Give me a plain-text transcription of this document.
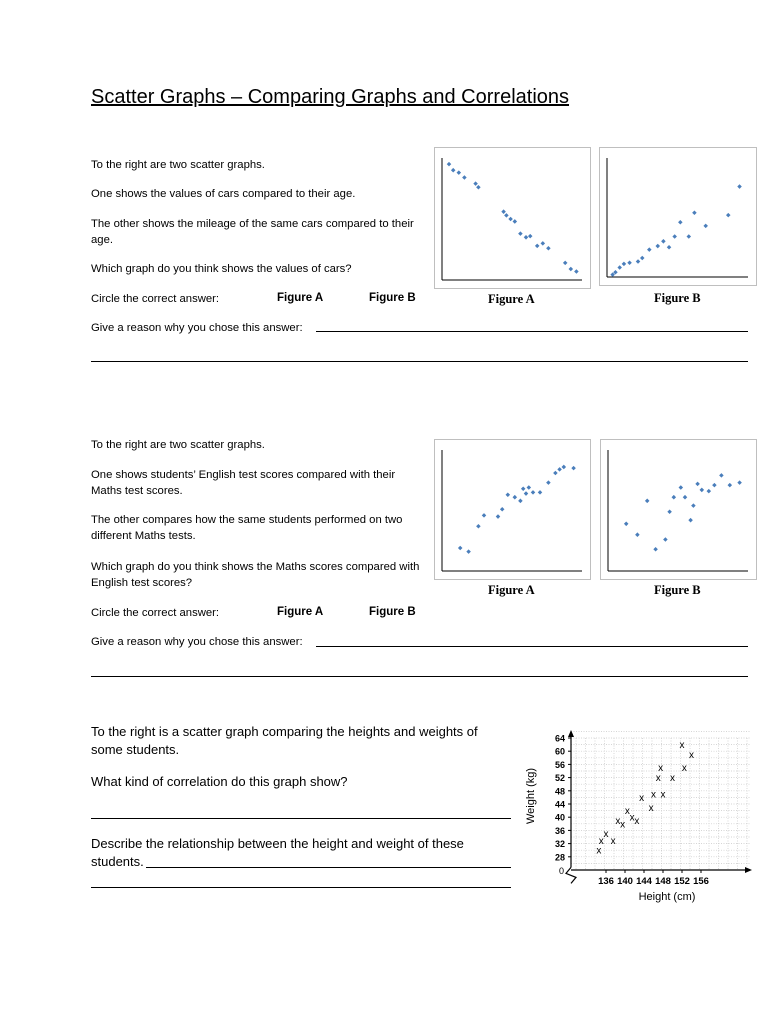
Scatter Graphs – Comparing Graphs and Correlations
To the right are two scatter graphs.
One shows the values of cars compared to their age.
The other shows the mileage of the same cars compared to their age.
Which graph do you think shows the values of cars?
Circle the correct answer:	Figure A	Figure B
Give a reason why you chose this answer:
Figure A	Figure B
To the right are two scatter graphs.
One shows students’ English test scores compared with their Maths test scores.
The other compares how the same students performed on two different Maths tests.
Which graph do you think shows the Maths scores compared with English test scores?
Circle the correct answer:	Figure A	Figure B
Give a reason why you chose this answer:
Figure A	Figure B
To the right is a scatter graph comparing the heights and weights of some students.
What kind of correlation do this graph show?
Describe the relationship between the height and weight of these students.
64
60
56
52
48
44
40
36
32
28
136 140 144 148 152 156
0
Height (cm)
Weight (kg)
x
x
x
x
x x
x
x x
x
x
x
x
x
x
x
x
x
x
